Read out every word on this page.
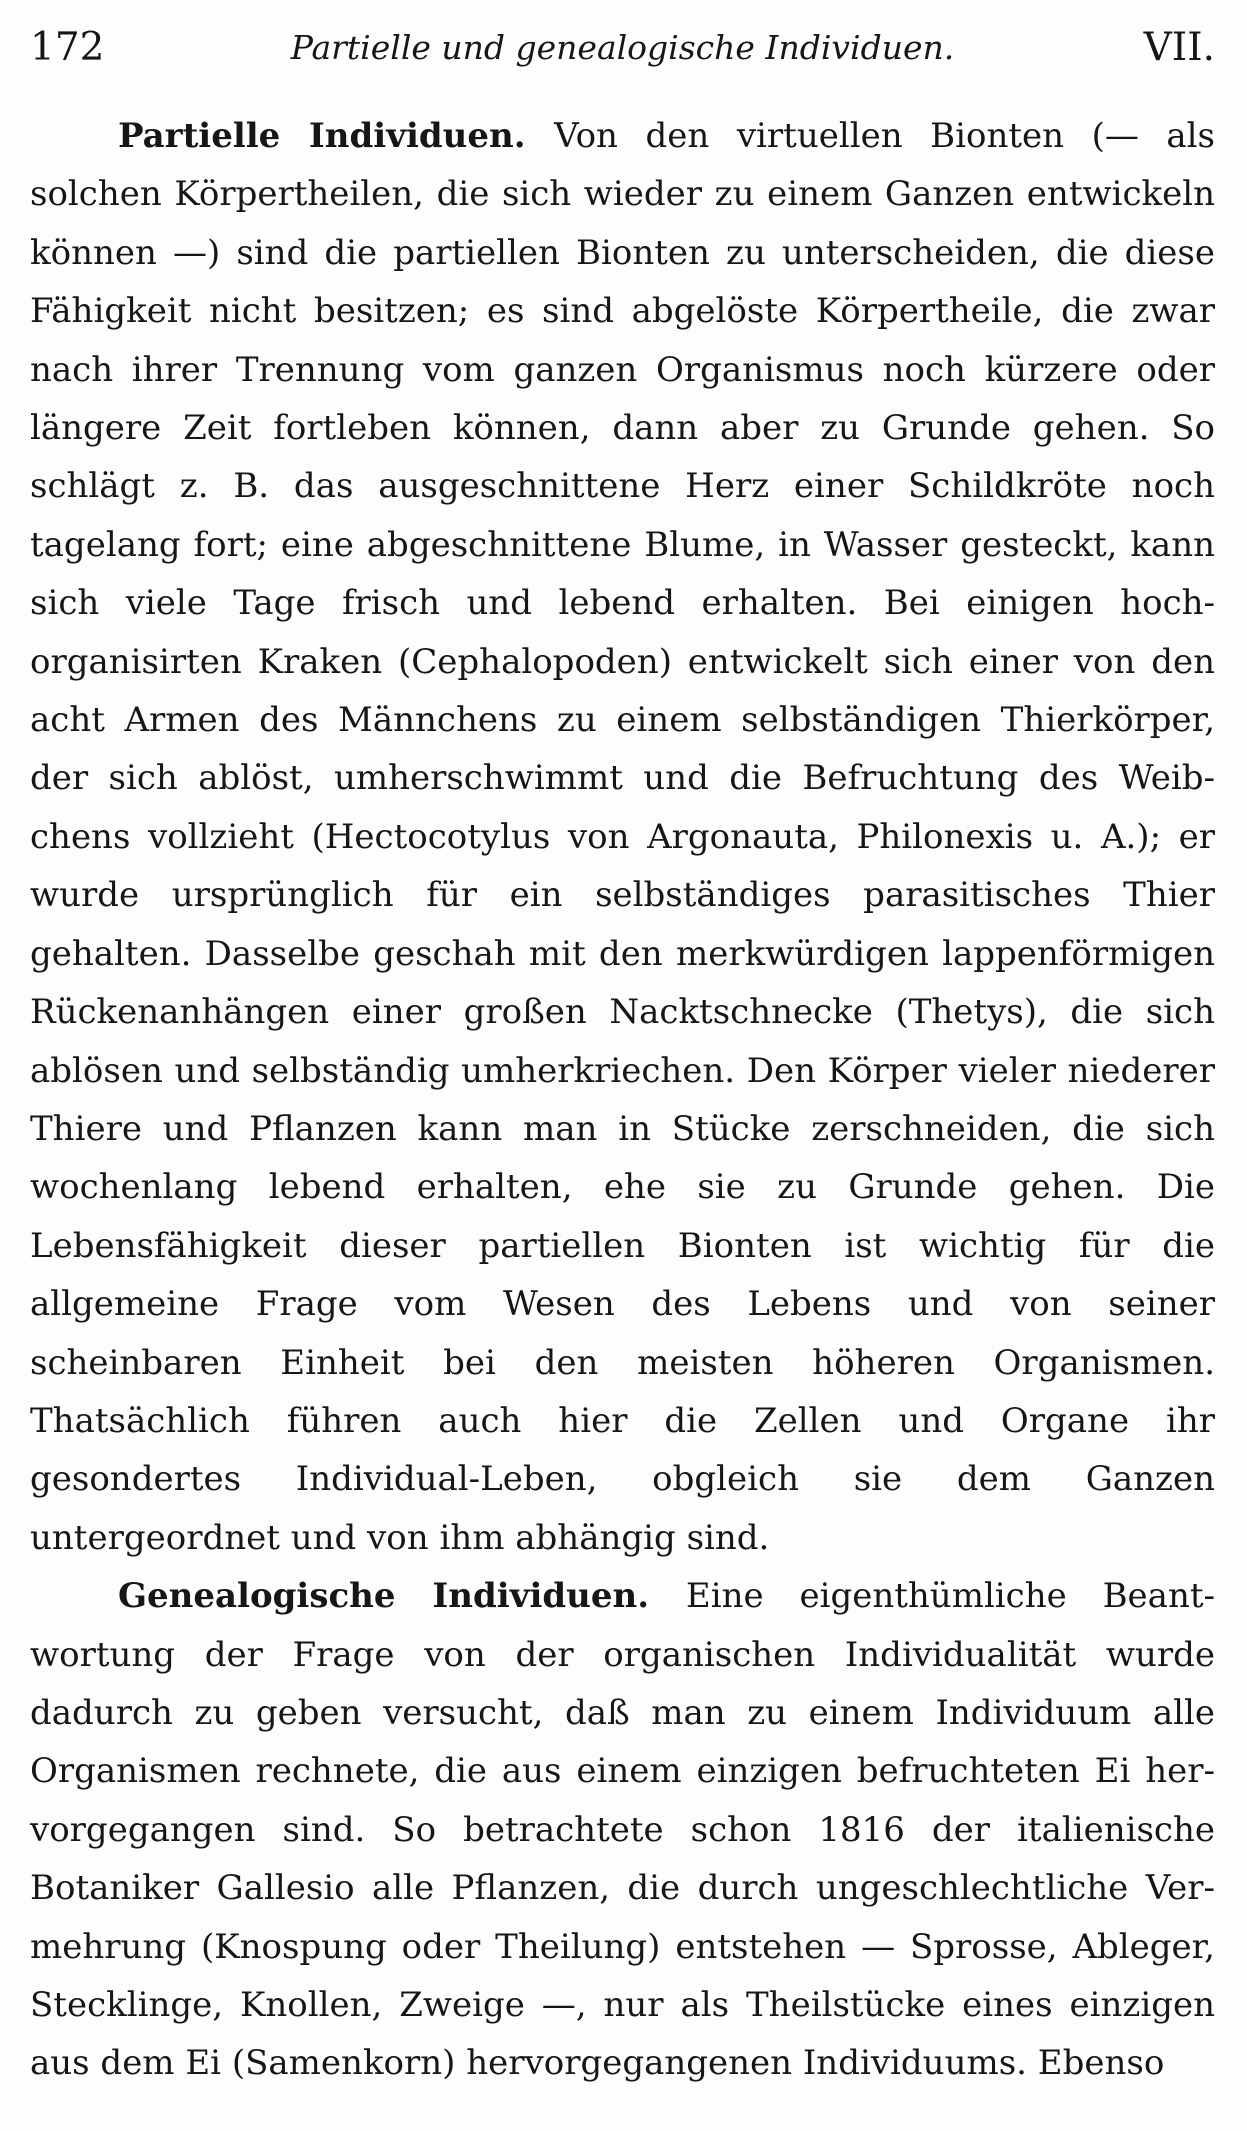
172	Partielle und genealogische Individuen.	VII.

Partielle Individuen. Von den virtuellen Bionten (— als solchen Körpertheilen, die sich wieder zu einem Ganzen entwickeln können —) sind die partiellen Bionten zu unterscheiden, die diese Fähigkeit nicht besitzen; es sind abgelöste Körpertheile, die zwar nach ihrer Trennung vom ganzen Organismus noch kürzere oder längere Zeit fortleben können, dann aber zu Grunde gehen. So schlägt z. B. das ausgeschnittene Herz einer Schildkröte noch tagelang fort; eine abgeschnittene Blume, in Wasser gesteckt, kann sich viele Tage frisch und lebend erhalten. Bei einigen hoch-organisirten Kraken (Cephalopoden) entwickelt sich einer von den acht Armen des Männchens zu einem selbständigen Thierkörper, der sich ablöst, umherschwimmt und die Befruchtung des Weib-chens vollzieht (Hectocotylus von Argonauta, Philonexis u. A.); er wurde ursprünglich für ein selbständiges parasitisches Thier gehalten. Dasselbe geschah mit den merkwürdigen lappenförmigen Rückenanhängen einer großen Nacktschnecke (Thetys), die sich ablösen und selbständig umherkriechen. Den Körper vieler niederer Thiere und Pflanzen kann man in Stücke zerschneiden, die sich wochenlang lebend erhalten, ehe sie zu Grunde gehen. Die Lebensfähigkeit dieser partiellen Bionten ist wichtig für die allgemeine Frage vom Wesen des Lebens und von seiner scheinbaren Einheit bei den meisten höheren Organismen. Thatsächlich führen auch hier die Zellen und Organe ihr gesondertes Individual-Leben, obgleich sie dem Ganzen untergeordnet und von ihm abhängig sind.

Genealogische Individuen. Eine eigenthümliche Beant-wortung der Frage von der organischen Individualität wurde dadurch zu geben versucht, daß man zu einem Individuum alle Organismen rechnete, die aus einem einzigen befruchteten Ei her-vorgegangen sind. So betrachtete schon 1816 der italienische Botaniker Gallesio alle Pflanzen, die durch ungeschlechtliche Ver-mehrung (Knospung oder Theilung) entstehen — Sprosse, Ableger, Stecklinge, Knollen, Zweige —, nur als Theilstücke eines einzigen aus dem Ei (Samenkorn) hervorgegangenen Individuums. Ebenso
